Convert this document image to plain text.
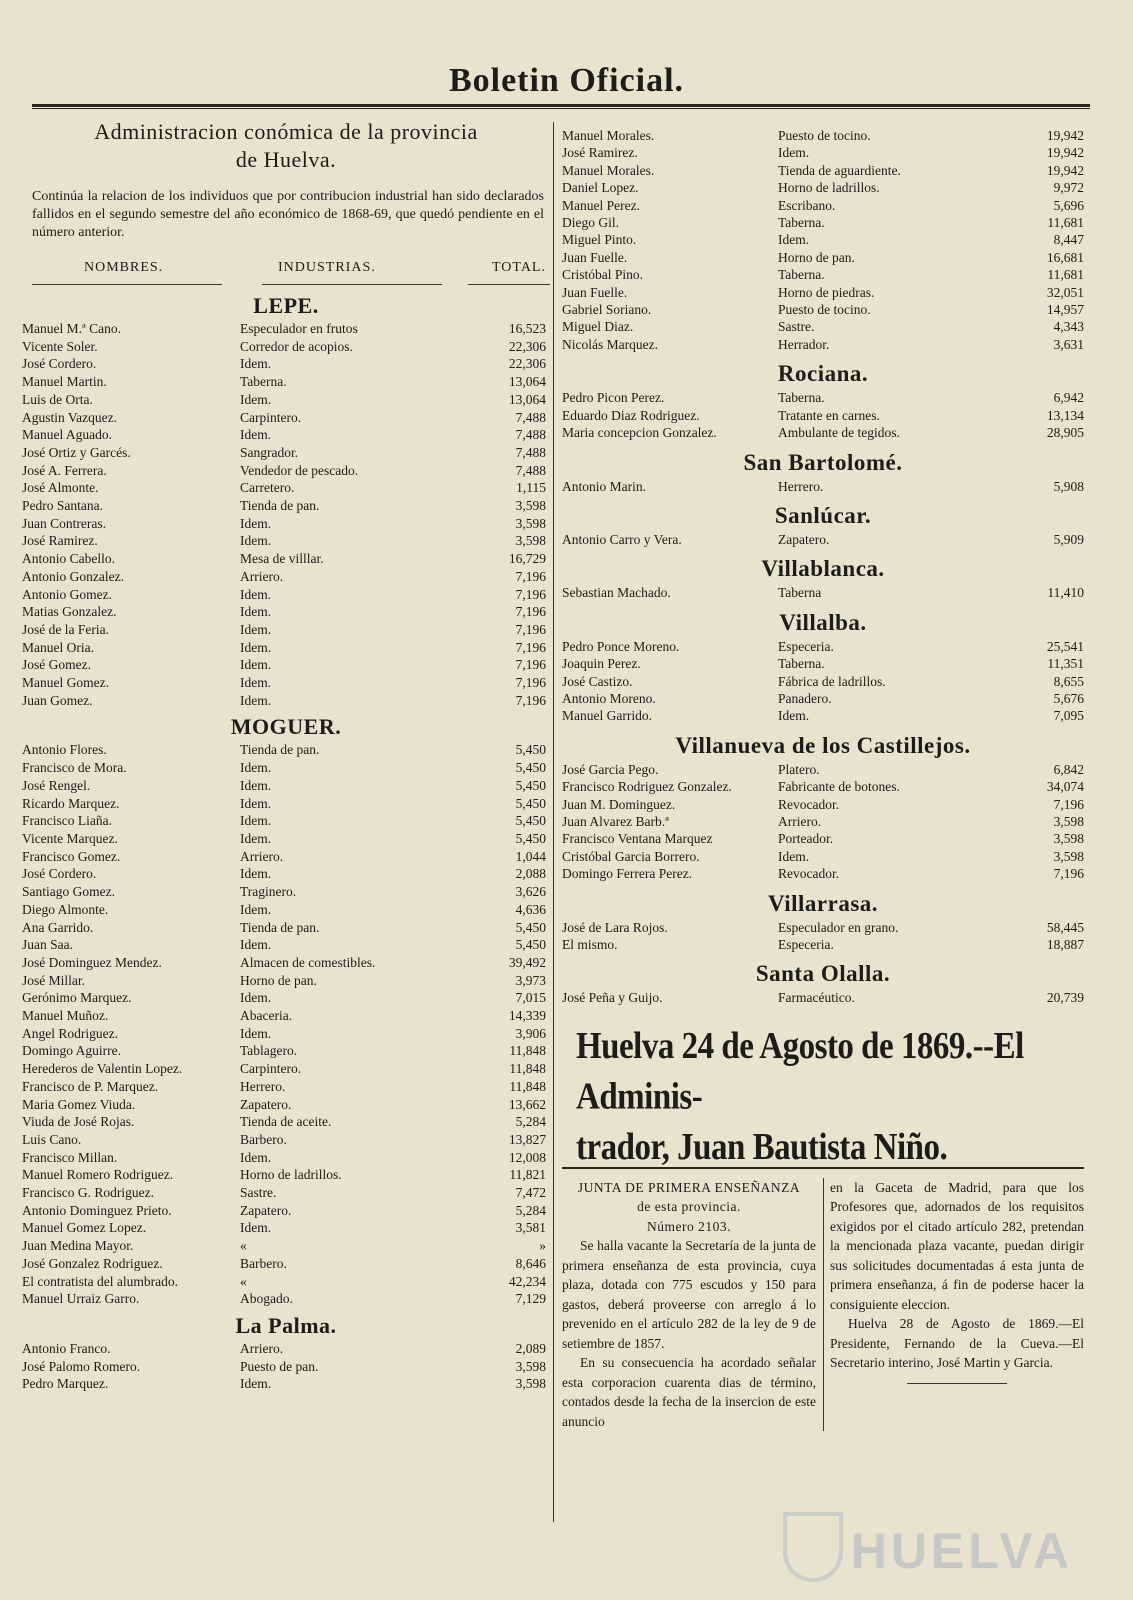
Boletin Oficial.
Administracion conómica de la provincia
de Huelva.
Continúa la relacion de los individuos que por contribucion industrial han sido declarados fallidos en el segundo semestre del año económico de 1868-69, que quedó pendiente en el número anterior.
NOMBRES.	INDUSTRIAS.	TOTAL.
LEPE.
Manuel M.ª Cano.	Especulador en frutos	16,523
Vicente Soler.	Corredor de acopios.	22,306
José Cordero.	Idem.	22,306
Manuel Martin.	Taberna.	13,064
Luis de Orta.	Idem.	13,064
Agustin Vazquez.	Carpintero.	7,488
Manuel Aguado.	Idem.	7,488
José Ortiz y Garcés.	Sangrador.	7,488
José A. Ferrera.	Vendedor de pescado.	7,488
José Almonte.	Carretero.	1,115
Pedro Santana.	Tienda de pan.	3,598
Juan Contreras.	Idem.	3,598
José Ramirez.	Idem.	3,598
Antonio Cabello.	Mesa de villlar.	16,729
Antonio Gonzalez.	Arriero.	7,196
Antonio Gomez.	Idem.	7,196
Matias Gonzalez.	Idem.	7,196
José de la Feria.	Idem.	7,196
Manuel Oria.	Idem.	7,196
José Gomez.	Idem.	7,196
Manuel Gomez.	Idem.	7,196
Juan Gomez.	Idem.	7,196
MOGUER.
Antonio Flores.	Tienda de pan.	5,450
Francisco de Mora.	Idem.	5,450
José Rengel.	Idem.	5,450
Ricardo Marquez.	Idem.	5,450
Francisco Liaña.	Idem.	5,450
Vicente Marquez.	Idem.	5,450
Francisco Gomez.	Arriero.	1,044
José Cordero.	Idem.	2,088
Santiago Gomez.	Traginero.	3,626
Diego Almonte.	Idem.	4,636
Ana Garrido.	Tienda de pan.	5,450
Juan Saa.	Idem.	5,450
José Dominguez Mendez.	Almacen de comestibles.	39,492
José Millar.	Horno de pan.	3,973
Gerónimo Marquez.	Idem.	7,015
Manuel Muñoz.	Abaceria.	14,339
Angel Rodriguez.	Idem.	3,906
Domingo Aguirre.	Tablagero.	11,848
Herederos de Valentin Lopez.	Carpintero.	11,848
Francisco de P. Marquez.	Herrero.	11,848
Maria Gomez Viuda.	Zapatero.	13,662
Viuda de José Rojas.	Tienda de aceite.	5,284
Luis Cano.	Barbero.	13,827
Francisco Millan.	Idem.	12,008
Manuel Romero Rodriguez.	Horno de ladrillos.	11,821
Francisco G. Rodriguez.	Sastre.	7,472
Antonio Dominguez Prieto.	Zapatero.	5,284
Manuel Gomez Lopez.	Idem.	3,581
Juan Medina Mayor.	«	»
José Gonzalez Rodriguez.	Barbero.	8,646
El contratista del alumbrado.	«	42,234
Manuel Urraiz Garro.	Abogado.	7,129
La Palma.
Antonio Franco.	Arriero.	2,089
José Palomo Romero.	Puesto de pan.	3,598
Pedro Marquez.	Idem.	3,598
Manuel Morales.	Puesto de tocino.	19,942
José Ramirez.	Idem.	19,942
Manuel Morales.	Tienda de aguardiente.	19,942
Daniel Lopez.	Horno de ladrillos.	9,972
Manuel Perez.	Escribano.	5,696
Diego Gil.	Taberna.	11,681
Miguel Pinto.	Idem.	8,447
Juan Fuelle.	Horno de pan.	16,681
Cristóbal Pino.	Taberna.	11,681
Juan Fuelle.	Horno de piedras.	32,051
Gabriel Soriano.	Puesto de tocino.	14,957
Miguel Diaz.	Sastre.	4,343
Nicolás Marquez.	Herrador.	3,631
Rociana.
Pedro Picon Perez.	Taberna.	6,942
Eduardo Diaz Rodriguez.	Tratante en carnes.	13,134
Maria concepcion Gonzalez.	Ambulante de tegidos.	28,905
San Bartolomé.
Antonio Marin.	Herrero.	5,908
Sanlúcar.
Antonio Carro y Vera.	Zapatero.	5,909
Villablanca.
Sebastian Machado.	Taberna	11,410
Villalba.
Pedro Ponce Moreno.	Especeria.	25,541
Joaquin Perez.	Taberna.	11,351
José Castizo.	Fábrica de ladrillos.	8,655
Antonio Moreno.	Panadero.	5,676
Manuel Garrido.	Idem.	7,095
Villanueva de los Castillejos.
José Garcia Pego.	Platero.	6,842
Francisco Rodriguez Gonzalez.	Fabricante de botones.	34,074
Juan M. Dominguez.	Revocador.	7,196
Juan Alvarez Barb.ª	Arriero.	3,598
Francisco Ventana Marquez	Porteador.	3,598
Cristóbal Garcia Borrero.	Idem.	3,598
Domingo Ferrera Perez.	Revocador.	7,196
Villarrasa.
José de Lara Rojos.	Especulador en grano.	58,445
El mismo.	Especeria.	18,887
Santa Olalla.
José Peña y Guijo.	Farmacéutico.	20,739
Huelva 24 de Agosto de 1869.--El Adminis-
trador, Juan Bautista Niño.
JUNTA DE PRIMERA ENSEÑANZA
de esta provincia.
Número 2103.

Se halla vacante la Secretaría de la junta de primera enseñanza de esta provincia, cuya plaza, dotada con 775 escudos y 150 para gastos, deberá proveerse con arreglo á lo prevenido en el artículo 282 de la ley de 9 de setiembre de 1857.

En su consecuencia ha acordado señalar esta corporacion cuarenta dias de término, contados desde la fecha de la insercion de este anuncio

en la Gaceta de Madrid, para que los Profesores que, adornados de los requisitos exigidos por el citado artículo 282, pretendan la mencionada plaza vacante, puedan dirigir sus solicitudes documentadas á esta junta de primera enseñanza, á fin de poderse hacer la consiguiente eleccion.

Huelva 28 de Agosto de 1869.—El Presidente, Fernando de la Cueva.—El Secretario interino, José Martin y Garcia.

HUELVA
